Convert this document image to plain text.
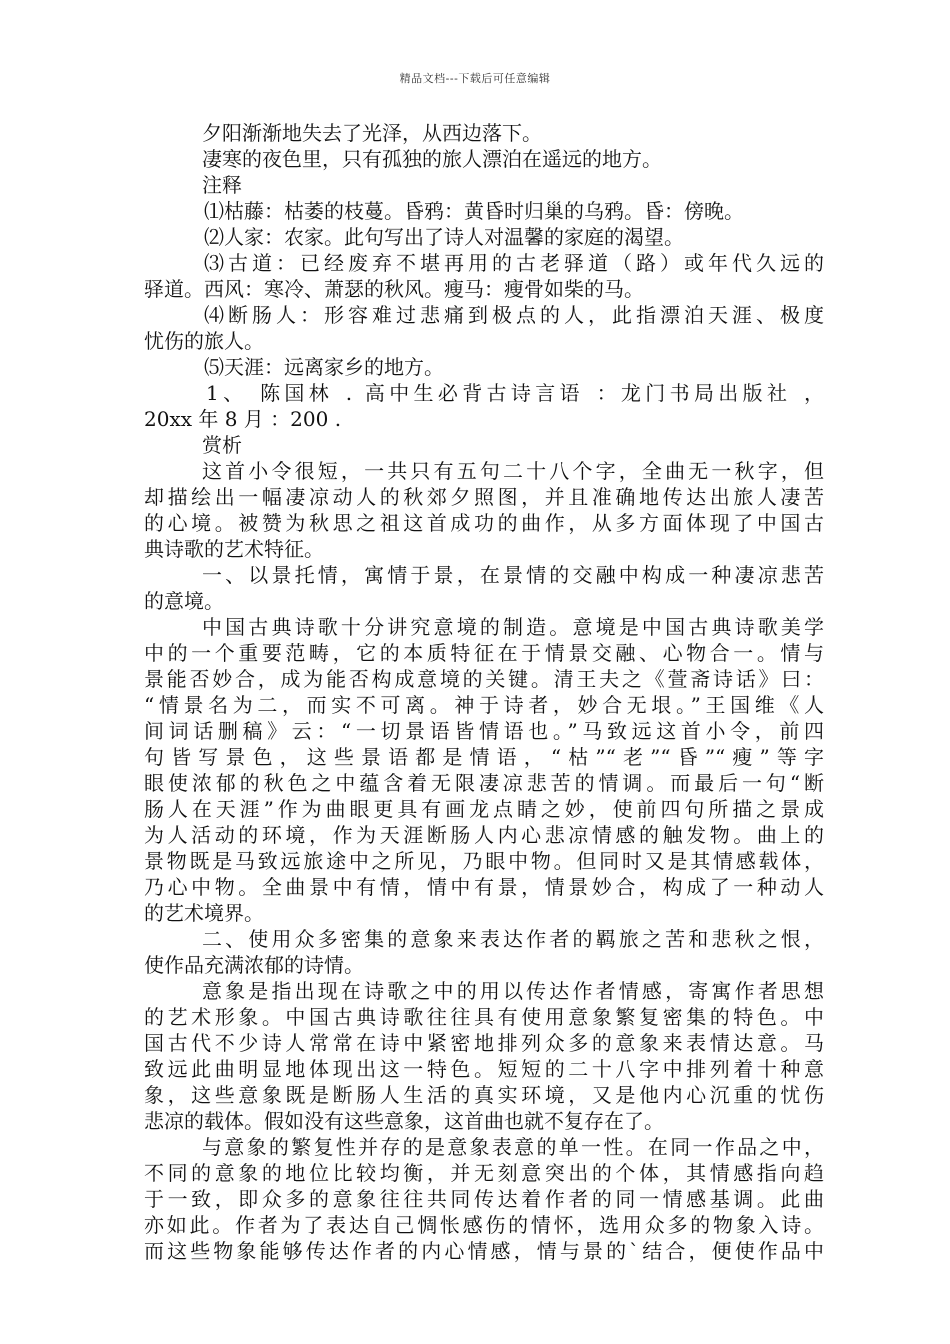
精品文档---下载后可任意编辑
夕阳渐渐地失去了光泽，从西边落下。
凄寒的夜色里，只有孤独的旅人漂泊在遥远的地方。
注释
⑴枯藤：枯萎的枝蔓。昏鸦：黄昏时归巢的乌鸦。昏：傍晚。
⑵人家：农家。此句写出了诗人对温馨的家庭的渴望。
⑶古道：已经废弃不堪再用的古老驿道（路）或年代久远的
驿道。西风：寒冷、萧瑟的秋风。瘦马：瘦骨如柴的马。
⑷断肠人：形容难过悲痛到极点的人，此指漂泊天涯、极度
忧伤的旅人。
⑸天涯：远离家乡的地方。
1、 陈国林 . 高中生必背古诗言语 ：龙门书局出版社 ，
20xx 年 8 月 ：200 .
赏析
这首小令很短，一共只有五句二十八个字，全曲无一秋字，但
却描绘出一幅凄凉动人的秋郊夕照图，并且准确地传达出旅人凄苦
的心境。被赞为秋思之祖这首成功的曲作，从多方面体现了中国古
典诗歌的艺术特征。
一、以景托情，寓情于景，在景情的交融中构成一种凄凉悲苦
的意境。
中国古典诗歌十分讲究意境的制造。意境是中国古典诗歌美学
中的一个重要范畴，它的本质特征在于情景交融、心物合一。情与
景能否妙合，成为能否构成意境的关键。清王夫之《萱斋诗话》曰：
“情景名为二，而实不可离。神于诗者，妙合无垠。”王国维《人
间词话删稿》云：“一切景语皆情语也。”马致远这首小令，前四
句皆写景色，这些景语都是情语，“枯”“老”“昏”“瘦”等字
眼使浓郁的秋色之中蕴含着无限凄凉悲苦的情调。而最后一句“断
肠人在天涯”作为曲眼更具有画龙点睛之妙，使前四句所描之景成
为人活动的环境，作为天涯断肠人内心悲凉情感的触发物。曲上的
景物既是马致远旅途中之所见，乃眼中物。但同时又是其情感载体，
乃心中物。全曲景中有情，情中有景，情景妙合，构成了一种动人
的艺术境界。
二、使用众多密集的意象来表达作者的羁旅之苦和悲秋之恨，
使作品充满浓郁的诗情。
意象是指出现在诗歌之中的用以传达作者情感，寄寓作者思想
的艺术形象。中国古典诗歌往往具有使用意象繁复密集的特色。中
国古代不少诗人常常在诗中紧密地排列众多的意象来表情达意。马
致远此曲明显地体现出这一特色。短短的二十八字中排列着十种意
象，这些意象既是断肠人生活的真实环境，又是他内心沉重的忧伤
悲凉的载体。假如没有这些意象，这首曲也就不复存在了。
与意象的繁复性并存的是意象表意的单一性。在同一作品之中，
不同的意象的地位比较均衡，并无刻意突出的个体，其情感指向趋
于一致，即众多的意象往往共同传达着作者的同一情感基调。此曲
亦如此。作者为了表达自己惆怅感伤的情怀，选用众多的物象入诗。
而这些物象能够传达作者的内心情感，情与景的`结合，便使作品中
